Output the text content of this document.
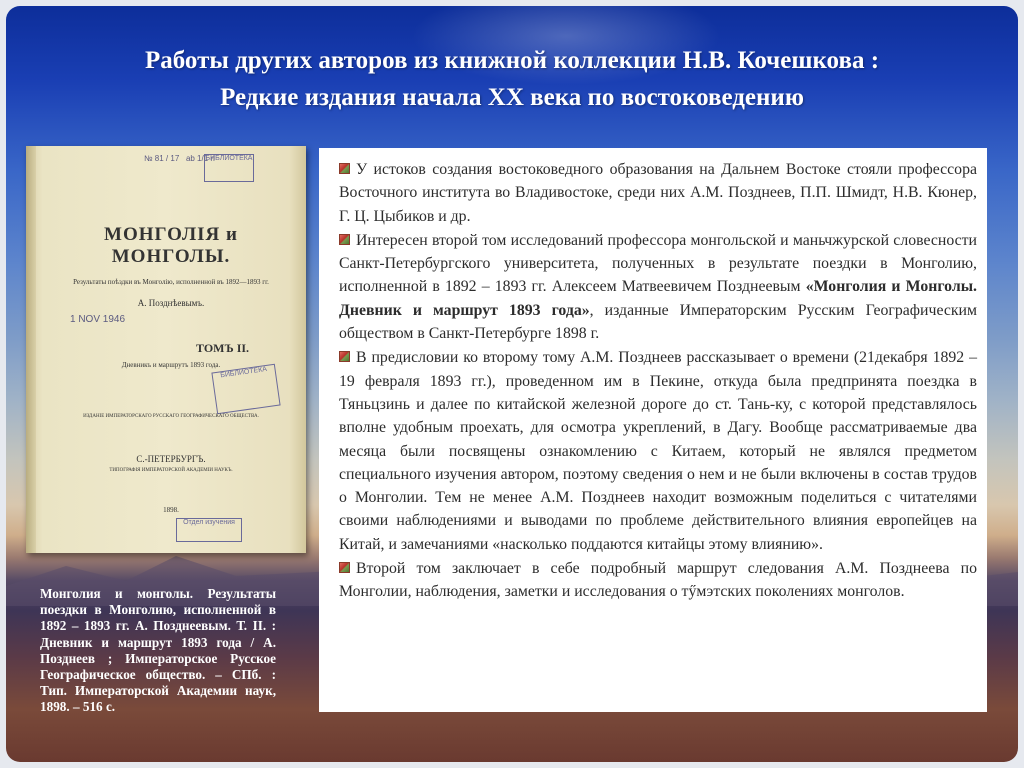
Работы других авторов из книжной коллекции Н.В. Кочешкова :
Редкие издания начала XX века по востоковедению
№ 81 / 17   ab 1/1 n
БИБЛИОТЕКА
МОНГОЛІЯ и МОНГОЛЫ.
Результаты поѣздки въ Монголію, исполненной въ 1892—1893 гг.
А. Позднѣевымъ.
1 NOV 1946
ТОМЪ II.
Дневникъ и маршрутъ 1893 года.
БИБЛИОТЕКА
ИЗДАНІЕ ИМПЕРАТОРСКАГО РУССКАГО ГЕОГРАФИЧЕСКАГО ОБЩЕСТВА.
С.-ПЕТЕРБУРГЪ.
ТИПОГРАФІЯ ИМПЕРАТОРСКОЙ АКАДЕМІИ НАУКЪ.
1898.
Отдел изучения
Монголия и монголы. Результаты поездки в Монголию, исполненной в 1892 – 1893 гг. А. Позднеевым. Т. II. : Дневник и маршрут 1893 года / А. Позднеев ; Императорское Русское Географическое общество. – СПб. : Тип. Императорской Академии наук, 1898. – 516 с.

У истоков создания востоковедного образования на Дальнем Востоке стояли профессора Восточного института во Владивостоке, среди них А.М. Позднеев, П.П. Шмидт, Н.В. Кюнер, Г. Ц. Цыбиков и др.

Интересен второй том исследований профессора монгольской и маньчжурской словесности Санкт-Петербургского университета, полученных в результате поездки в Монголию, исполненной в 1892 – 1893 гг. Алексеем Матвеевичем Позднеевым «Монголия и Монголы. Дневник и маршрут 1893 года», изданные Императорским Русским Географическим обществом в Санкт-Петербурге 1898 г.

В предисловии ко второму тому А.М. Позднеев рассказывает о времени (21декабря 1892 – 19 февраля 1893 гг.), проведенном им в Пекине, откуда была предпринята поездка в Тяньцзинь и далее по китайской железной дороге до ст. Тань-ку, с которой представлялось вполне удобным проехать, для осмотра укреплений, в Дагу. Вообще рассматриваемые два месяца были посвящены ознакомлению с Китаем, который не являлся предметом специального изучения автором, поэтому сведения о нем и не были включены в состав трудов о Монголии. Тем не менее А.М. Позднеев находит возможным поделиться с читателями своими наблюдениями и выводами по проблеме действительного влияния европейцев на Китай, и замечаниями «насколько поддаются китайцы этому влиянию».

Второй том заключает в себе подробный маршрут следования А.М. Позднеева по Монголии, наблюдения, заметки и исследования о тӳмэтских поколениях монголов.
